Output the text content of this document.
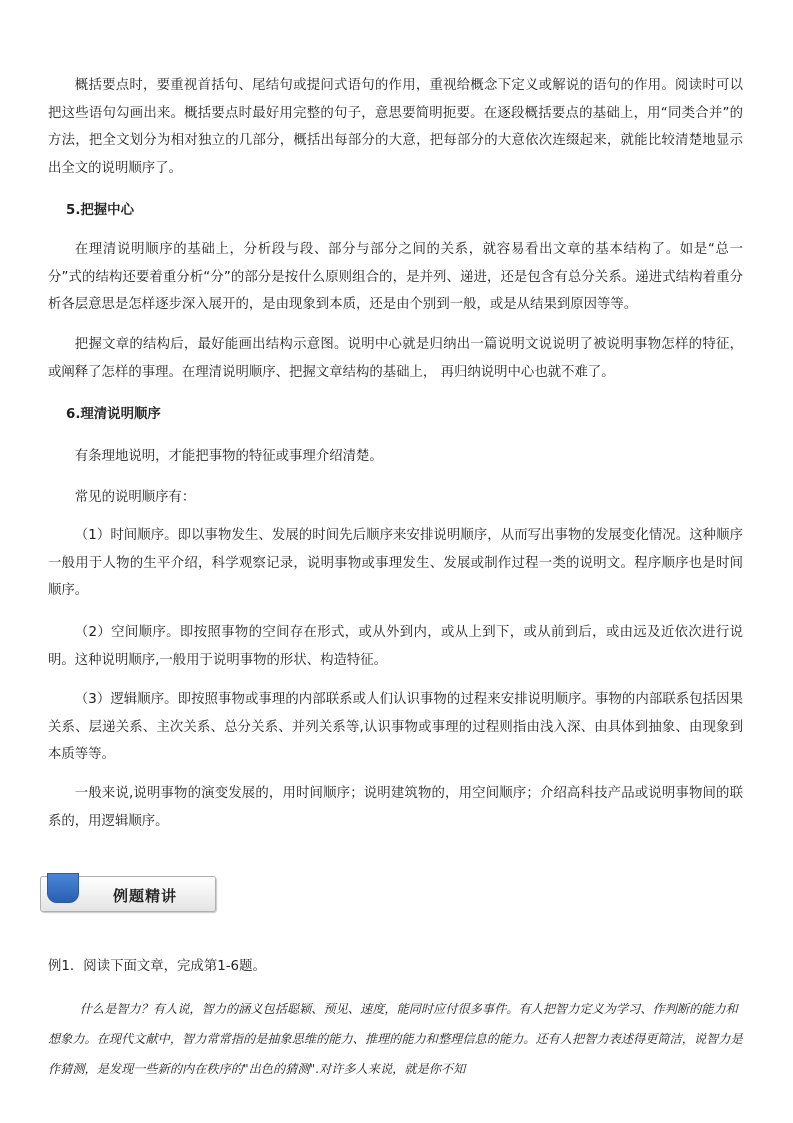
概括要点时，要重视首括句、尾结句或提问式语句的作用，重视给概念下定义或解说的语句的作用。阅读时可以把这些语句勾画出来。概括要点时最好用完整的句子，意思要简明扼要。在逐段概括要点的基础上，用“同类合并”的方法，把全文划分为相对独立的几部分，概括出每部分的大意，把每部分的大意依次连缀起来，就能比较清楚地显示出全文的说明顺序了。

5.把握中心

在理清说明顺序的基础上，分析段与段、部分与部分之间的关系，就容易看出文章的基本结构了。如是“总一分”式的结构还要着重分析“分”的部分是按什么原则组合的，是并列、递进，还是包含有总分关系。递进式结构着重分析各层意思是怎样逐步深入展开的，是由现象到本质，还是由个别到一般，或是从结果到原因等等。

把握文章的结构后，最好能画出结构示意图。说明中心就是归纳出一篇说明文说说明了被说明事物怎样的特征，或阐释了怎样的事理。在理清说明顺序、把握文章结构的基础上， 再归纳说明中心也就不难了。

6.理清说明顺序

有条理地说明，才能把事物的特征或事理介绍清楚。

常见的说明顺序有：

（1）时间顺序。即以事物发生、发展的时间先后顺序来安排说明顺序，从而写出事物的发展变化情况。这种顺序一般用于人物的生平介绍，科学观察记录，说明事物或事理发生、发展或制作过程一类的说明文。程序顺序也是时间顺序。

（2）空间顺序。即按照事物的空间存在形式，或从外到内，或从上到下，或从前到后，或由远及近依次进行说明。这种说明顺序,一般用于说明事物的形状、构造特征。

（3）逻辑顺序。即按照事物或事理的内部联系或人们认识事物的过程来安排说明顺序。事物的内部联系包括因果关系、层递关系、主次关系、总分关系、并列关系等,认识事物或事理的过程则指由浅入深、由具体到抽象、由现象到本质等等。

一般来说,说明事物的演变发展的，用时间顺序；说明建筑物的，用空间顺序；介绍高科技产品或说明事物间的联系的，用逻辑顺序。

例题精讲
例1．阅读下面文章，完成第1-6题。

什么是智力？有人说，智力的涵义包括聪颖、预见、速度，能同时应付很多事件。有人把智力定义为学习、作判断的能力和想象力。在现代文献中，智力常常指的是抽象思维的能力、推理的能力和整理信息的能力。还有人把智力表述得更简洁，说智力是作猜测，是发现一些新的内在秩序的"出色的猜测".对许多人来说，就是你不知
